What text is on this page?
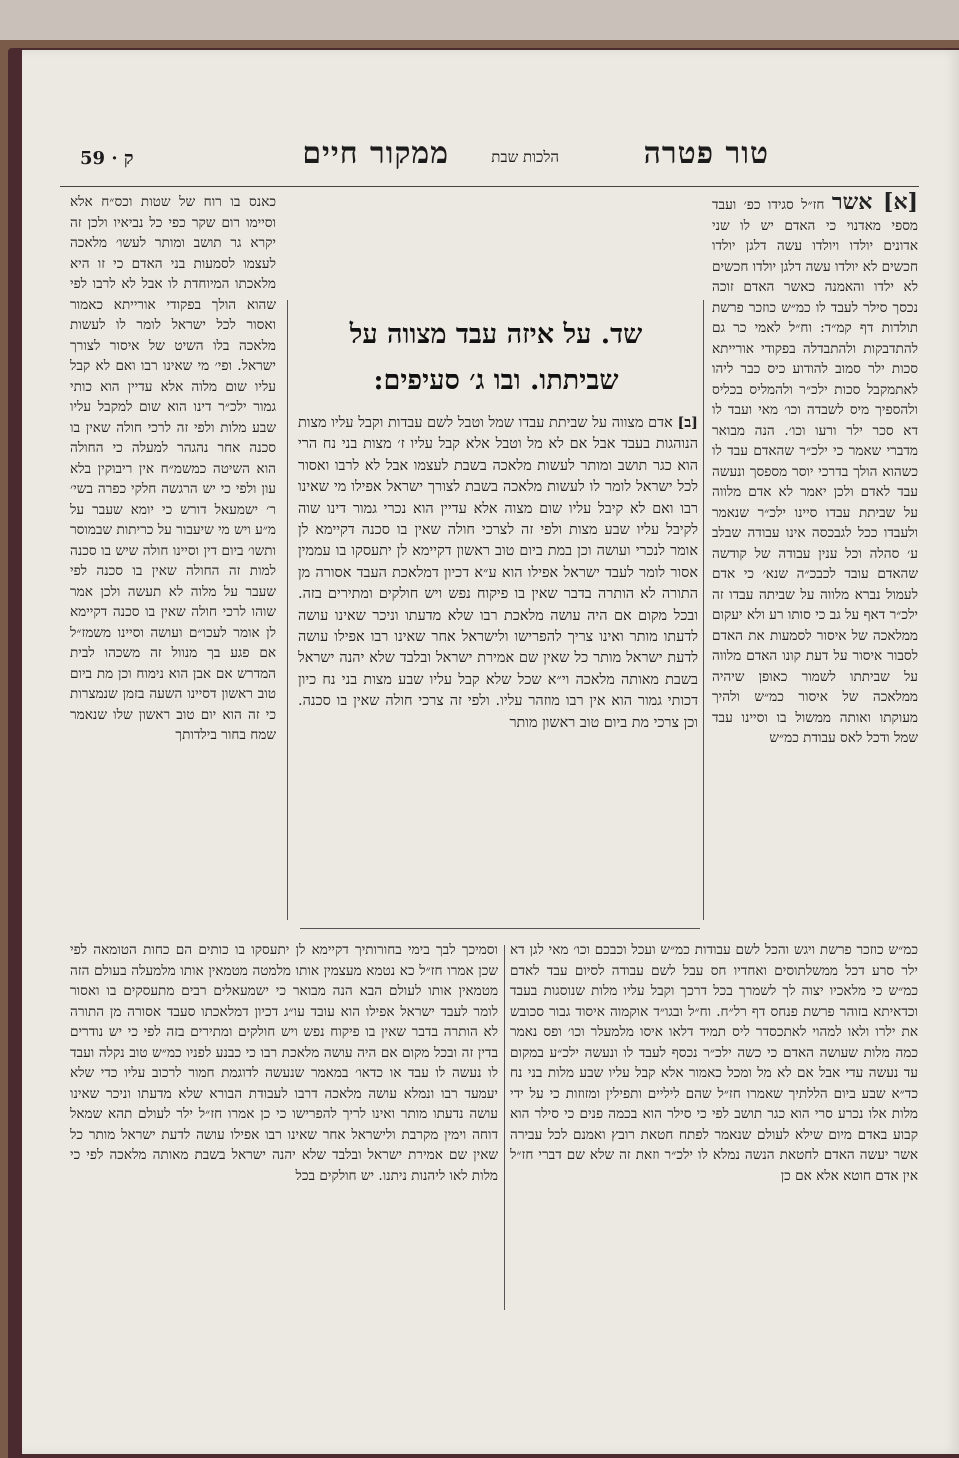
טור פטרה
הלכות שבת
ממקור חיים
59 · ק

[א] אשר חז״ל סגידו כפ׳ ועבד מספי מאדנוי כי האדם יש לו שני אדונים יולדו ויולדו עשה דלגן יולדו חכשים לא יולדו עשה דלגן יולדו חכשים לא ילדו והאמנה כאשר האדם זוכה נכסך סילר לעבד לו כמ״ש כוזכר פרשת תולדות דף קמ״ד: וח״ל לאמי כר גם להתדבקות ולהתבדלה בפקודי אורייתא סכות ילר סמוב להודוע כיס כבר ליהו לאתמקבל סכות ילכ״ר ולהמליס בכליס ולהספיך מיס לשבדה וכו׳ מאי ועבד לו דא סכר ילר ורעו וכו׳. הנה מבואר מדברי שאמר כי ילכ״ר שהאדם עבד לו כשהוא הולך בדרכי יוסר מספסך ונעשה עבד לאדם ולכן יאמר לא אדם מלווה על שביתת עבדו סיינו ילכ״ר שנאמר ולעבדו ככל לגבכסה אינו עבודה שבלב ע׳ סהלה וכל ענין עבודה של קודשה שהאדם עובד לכבכ״ה שנא׳ כי אדם לעמול נברא מלווה על שביתה עבדו זה ילכ״ר דאף על גב כי סותו רע ולא יעקום ממלאכה של איסור לסמעות את האדם לסבור איסור על דעת קונו האדם מלווה על שביתתו לשמור כאופן שיהיה ממלאכה של איסור כמ״ש ולהיך מעוקתו ואותה ממשול בו וסיינו עבד שמל ודכל לאס עבודת כמ״ש

כאנס בו רוח של שטות וכס״ח אלא וסיימו רום שקר כפי כל נביאיו ולכן זה יקרא גר תושב ומותר לעשו׳ מלאכה לעצמו לסמעות בני האדם כי זו היא מלאכתו המיוחדת לו אבל לא לרבו לפי שהוא הולך בפקודי אורייתא כאמור ואסור לכל ישראל לומר לו לעשות מלאכה בלו השיט של איסור לצורך ישראל. ופי׳ מי שאינו רבו ואם לא קבל עליו שום מלוה אלא עדיין הוא כותי גמור ילכ״ר דינו הוא שום למקבל עליו שבע מלות ולפי זה לרכי חולה שאין בו סכנה אחר נהגהר למעלה כי החולה הוא השיטה כמשמ״ח אין ריבוקין בלא עון ולפי כי יש הרגשה חלקי כפרה בשי׳ ר׳ ישמעאל דורש כי יומא שעבר על מ״ע ויש מי שיעבור על כריתות שבמוסר ותשו׳ ביום דין וסיינו חולה שיש בו סכנה למות זה החולה שאין בו סכנה לפי שעבר על מלוה לא תעשה ולכן אמר שוהו לרכי חולה שאין בו סכנה דקיימא לן אומר לעכו״ם ועושה וסיינו משמז״ל אם פגע בך מנוול זה משכהו לבית המדרש אם אבן הוא נימוח וכן מת ביום טוב ראשון דסיינו השעה בזמן שנמצרות כי זה הוא יום טוב ראשון שלו שנאמר שמח בחור בילדותך

שד. על איזה עבד מצווה על
שביתתו. ובו ג׳ סעיפים:

[ב] אדם מצווה על שביתת עבדו שמל וטבל לשם עבדות וקבל עליו מצות הנוהגות בעבד אבל אם לא מל וטבל אלא קבל עליו ז׳ מצות בני נח הרי הוא כגר תושב ומותר לעשות מלאכה בשבת לעצמו אבל לא לרבו ואסור לכל ישראל לומר לו לעשות מלאכה בשבת לצורך ישראל אפילו מי שאינו רבו ואם לא קיבל עליו שום מצוה אלא עדיין הוא נכרי גמור דינו שוה לקיבל עליו שבע מצות ולפי זה לצרכי חולה שאין בו סכנה דקיימא לן אומר לנכרי ועושה וכן במת ביום טוב ראשון דקיימא לן יתעסקו בו עממין אסור לומר לעבד ישראל אפילו הוא ע״א דכיון דמלאכת העבד אסורה מן התורה לא הותרה בדבר שאין בו פיקוח נפש ויש חולקים ומתירים בזה. ובכל מקום אם היה עושה מלאכת רבו שלא מדעתו וניכר שאינו עושה לדעתו מותר ואינו צריך להפרישו ולישראל אחר שאינו רבו אפילו עושה לדעת ישראל מותר כל שאין שם אמירת ישראל ובלבד שלא יהנה ישראל בשבת מאותה מלאכה וי״א שכל שלא קבל עליו שבע מצות בני נח כיון דכותי גמור הוא אין רבו מוזהר עליו. ולפי זה צרכי חולה שאין בו סכנה. וכן צרכי מת ביום טוב ראשון מותר

כמ״ש כוזכר פרשת ויגש והכל לשם עבודות כמ״ש ועכל וכבכם וכו׳ מאי לגן דא ילר סרע דכל ממשלתוסים ואחדיו חס עבל לשם עבודה לסיום עבד לאדם כמ״ש כי מלאכיו יצוה לך לשמרך בכל דרכך וקבל עליו מלות שנוסגות בעבד וכדאיתא בזוהר פרשת פנחס דף רל״ח. וח״ל ובגו״ד אוקמוה איסוד גבור סכובש את ילרו ולאו למהוי לאתכסדר ליס תמיד דלאו איסו מלמעלר וכו׳ ופס נאמר כמה מלות שעושה האדם כי כשה ילכ״ר נכסף לעבד לו ונעשה ילכ״ע במקום עד נעשה עדי אבל אם לא מל ומכל כאמור אלא קבל עליו שבע מלות בני נח כד״א שבע ביום הללתיך שאמרו חז״ל שהם ליליים ותפילין ומזוזות כי על ידי מלות אלו נכרע סרי הוא כגר תושב לפי כי סילר הוא בכמה פנים כי סילר הוא קבוע באדם מיום שילא לעולם שנאמר לפתח חטאת רובץ ואמנם לכל עבירה אשר יעשה האדם לחטאת הנשה נמלא לו ילכ״ר וזאת זה שלא שם דברי חז״ל אין אדם חוטא אלא אם כן

וסמיכך לבך בימי בחורותיך דקיימא לן יתעסקו בו כותים הם כחות הטומאה לפי שכן אמרו חז״ל כא נטמא מעצמין אותו מלמטה מטמאין אותו מלמעלה בעולם הזה מטמאין אותו לעולם הבא הנה מבואר כי ישמעאלים רבים מתעסקים בו ואסור לומר לעבד ישראל אפילו הוא עובד עו״ג דכיון דמלאכתו סעבד אסורה מן התורה לא הותרה בדבר שאין בו פיקוח נפש ויש חולקים ומתירים בזה לפי כי יש נודרים בדין זה ובכל מקום אם היה עושה מלאכת רבו כי כבנע לפניו כמ״ש טוב נקלה ועבד לו נעשה לו עבד או כדאו׳ במאמר שנעשה לדוגמת חמור לרכוב עליו כדי שלא יעמעד רבו ונמלא עושה מלאכה דרבו לעבודת הבורא שלא מדעתו וניכר שאינו עושה נדעתו מותר ואינו לריך להפרישו כי כן אמרו חז״ל ילר לעולם תהא שמאל דוחה וימין מקרבת ולישראל אחר שאינו רבו אפילו עושה לדעת ישראל מותר כל שאין שם אמירת ישראל ובלבד שלא יהנה ישראל בשבת מאותה מלאכה לפי כי מלות לאו ליהנות ניתנו. יש חולקים בכל
